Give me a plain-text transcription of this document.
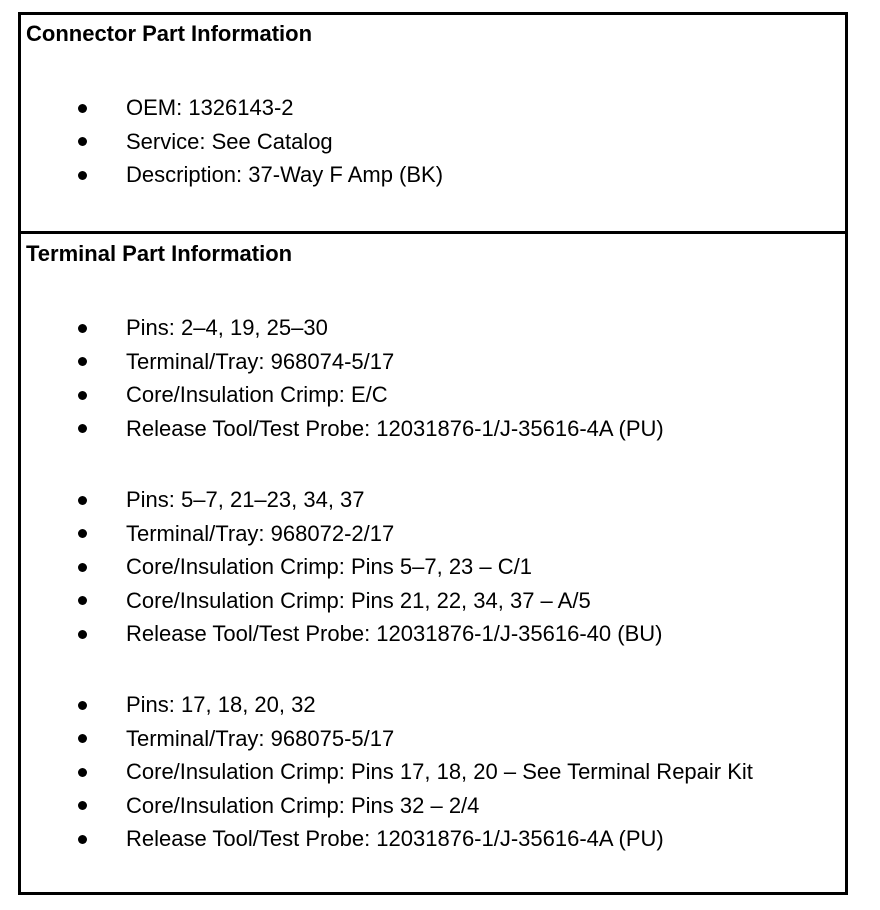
Connector Part Information
OEM: 1326143-2
Service: See Catalog
Description: 37-Way F Amp (BK)
Terminal Part Information
Pins: 2–4, 19, 25–30
Terminal/Tray: 968074-5/17
Core/Insulation Crimp: E/C
Release Tool/Test Probe: 12031876-1/J-35616-4A (PU)
Pins: 5–7, 21–23, 34, 37
Terminal/Tray: 968072-2/17
Core/Insulation Crimp: Pins 5–7, 23 – C/1
Core/Insulation Crimp: Pins 21, 22, 34, 37 – A/5
Release Tool/Test Probe: 12031876-1/J-35616-40 (BU)
Pins: 17, 18, 20, 32
Terminal/Tray: 968075-5/17
Core/Insulation Crimp: Pins 17, 18, 20 – See Terminal Repair Kit
Core/Insulation Crimp: Pins 32 – 2/4
Release Tool/Test Probe: 12031876-1/J-35616-4A (PU)
